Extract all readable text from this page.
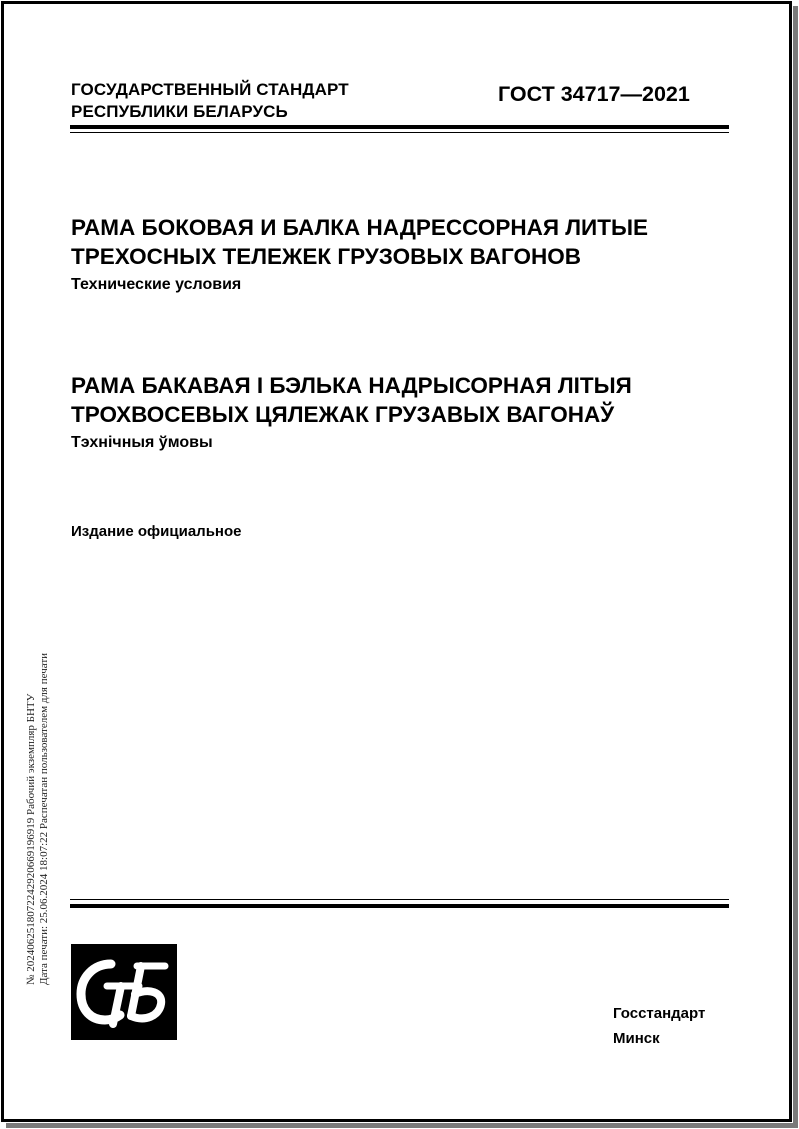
ГОСУДАРСТВЕННЫЙ СТАНДАРТ
РЕСПУБЛИКИ БЕЛАРУСЬ
ГОСТ 34717—2021
РАМА БОКОВАЯ И БАЛКА НАДРЕССОРНАЯ ЛИТЫЕ
ТРЕХОСНЫХ ТЕЛЕЖЕК ГРУЗОВЫХ ВАГОНОВ
Технические условия
РАМА БАКАВАЯ І БЭЛЬКА НАДРЫСОРНАЯ ЛІТЫЯ
ТРОХВОСЕВЫХ ЦЯЛЕЖАК ГРУЗАВЫХ ВАГОНАЎ
Тэхнічныя ўмовы
Издание официальное
№ 2024062518072242920669196919 Рабочий экземпляр БНТУ Дата печати: 25.06.2024 18:07:22 Распечатан пользователем для печати
Госстандарт
Минск
